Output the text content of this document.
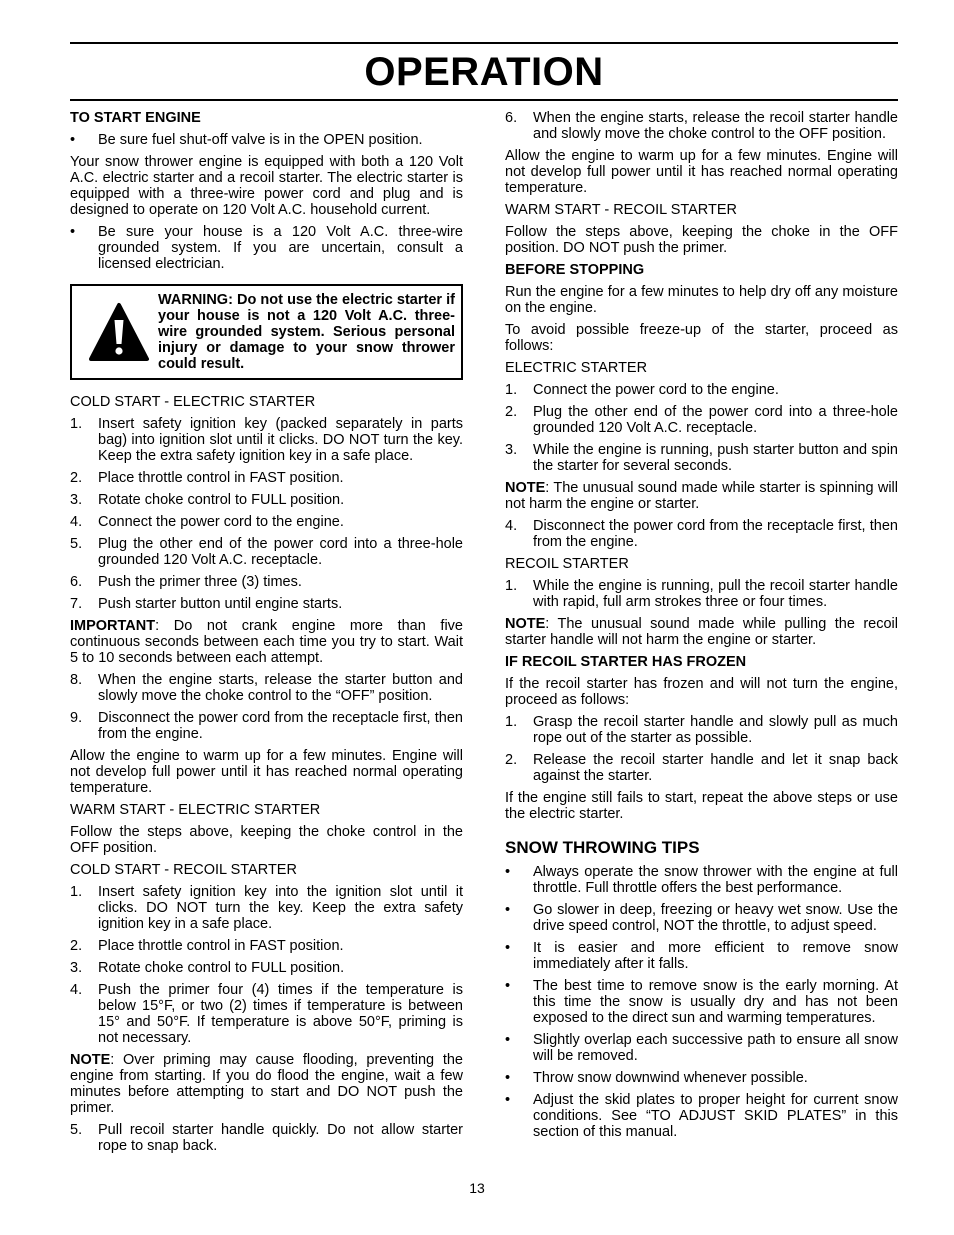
OPERATION
TO START ENGINE
•	Be sure fuel shut-off valve is in the OPEN position.

Your snow thrower engine is equipped with both a 120 Volt A.C. electric starter and a recoil starter. The electric starter is equipped with a three-wire power cord and plug and is designed to operate on 120 Volt A.C. household current.

•	Be sure your house is a 120 Volt A.C. three-wire grounded system. If you are uncertain, consult a licensed electrician.
WARNING: Do not use the electric starter if your house is not a 120 Volt A.C. three-wire grounded system. Serious personal injury or damage to your snow thrower could result.
COLD START - ELECTRIC STARTER
1.	Insert safety ignition key (packed separately in parts bag) into ignition slot until it clicks. DO NOT turn the key. Keep the extra safety ignition key in a safe place.
2.	Place throttle control in FAST position.
3.	Rotate choke control to FULL position.
4.	Connect the power cord to the engine.
5.	Plug the other end of the power cord into a three-hole grounded 120 Volt A.C. receptacle.
6.	Push the primer three (3) times.
7.	Push starter button until engine starts.

IMPORTANT: Do not crank engine more than five continuous seconds between each time you try to start. Wait 5 to 10 seconds between each attempt.

8.	When the engine starts, release the starter button and slowly move the choke control to the “OFF” position.
9.	Disconnect the power cord from the receptacle first, then from the engine.

Allow the engine to warm up for a few minutes. Engine will not develop full power until it has reached normal operating temperature.

WARM START - ELECTRIC STARTER

Follow the steps above, keeping the choke control in the OFF position.

COLD START - RECOIL STARTER
1.	Insert safety ignition key into the ignition slot until it clicks. DO NOT turn the key. Keep the extra safety ignition key in a safe place.
2.	Place throttle control in FAST position.
3.	Rotate choke control to FULL position.
4.	Push the primer four (4) times if the temperature is below 15°F, or two (2) times if temperature is between 15° and 50°F. If temperature is above 50°F, priming is not necessary.

NOTE: Over priming may cause flooding, preventing the engine from starting. If you do flood the engine, wait a few minutes before attempting to start and DO NOT push the primer.

5.	Pull recoil starter handle quickly. Do not allow starter rope to snap back.
6.	When the engine starts, release the recoil starter handle and slowly move the choke control to the OFF position.

Allow the engine to warm up for a few minutes. Engine will not develop full power until it has reached normal operating temperature.

WARM START - RECOIL STARTER

Follow the steps above, keeping the choke in the OFF position. DO NOT push the primer.

BEFORE STOPPING

Run the engine for a few minutes to help dry off any moisture on the engine.

To avoid possible freeze-up of the starter, proceed as follows:

ELECTRIC STARTER
1.	Connect the power cord to the engine.
2.	Plug the other end of the power cord into a three-hole grounded 120 Volt A.C. receptacle.
3.	While the engine is running, push starter button and spin the starter for several seconds.

NOTE: The unusual sound made while starter is spinning will not harm the engine or starter.

4.	Disconnect the power cord from the receptacle first, then from the engine.
RECOIL STARTER
1.	While the engine is running, pull the recoil starter handle with rapid, full arm strokes three or four times.

NOTE: The unusual sound made while pulling the recoil starter handle will not harm the engine or starter.

IF RECOIL STARTER HAS FROZEN

If the recoil starter has frozen and will not turn the engine, proceed as follows:

1.	Grasp the recoil starter handle and slowly pull as much rope out of the starter as possible.
2.	Release the recoil starter handle and let it snap back against the starter.

If the engine still fails to start, repeat the above steps or use the electric starter.

SNOW THROWING TIPS
•	Always operate the snow thrower with the engine at full throttle. Full throttle offers the best performance.
•	Go slower in deep, freezing or heavy wet snow. Use the drive speed control, NOT the throttle, to adjust speed.
•	It is easier and more efficient to remove snow immediately after it falls.
•	The best time to remove snow is the early morning. At this time the snow is usually dry and has not been exposed to the direct sun and warming temperatures.
•	Slightly overlap each successive path to ensure all snow will be removed.
•	Throw snow downwind whenever possible.
•	Adjust the skid plates to proper height for current snow conditions. See “TO ADJUST SKID PLATES” in this section of this manual.
13
